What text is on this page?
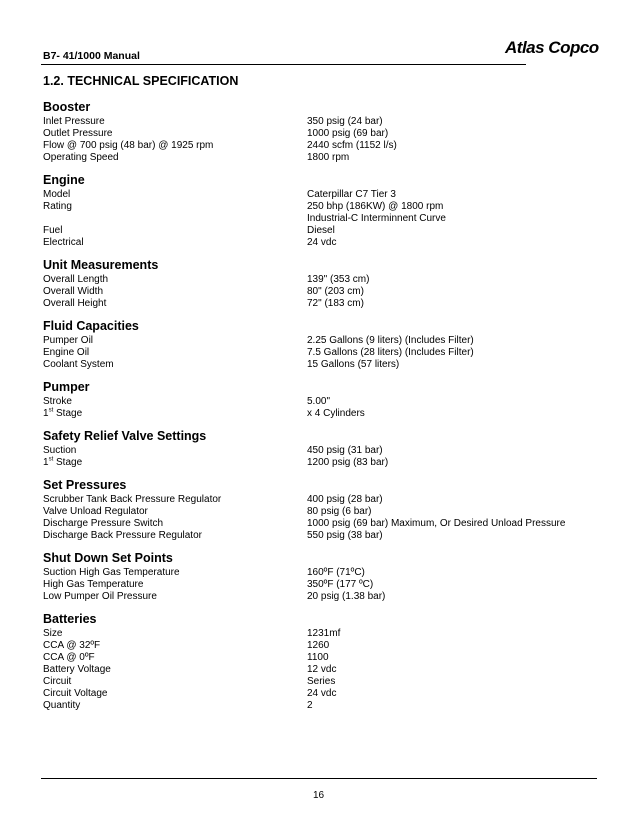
B7- 41/1000 Manual	Atlas Copco
1.2. TECHNICAL SPECIFICATION
Booster
Inlet Pressure	350 psig (24 bar)
Outlet Pressure	1000 psig (69 bar)
Flow @ 700 psig (48 bar) @ 1925 rpm	2440 scfm (1152 l/s)
Operating Speed	1800 rpm
Engine
Model	Caterpillar C7 Tier 3
Rating	250 bhp (186KW) @ 1800 rpm
Industrial-C Interminnent Curve
Fuel	Diesel
Electrical	24 vdc
Unit Measurements
Overall Length	139" (353 cm)
Overall Width	80" (203 cm)
Overall Height	72" (183 cm)
Fluid Capacities
Pumper Oil	2.25 Gallons (9 liters) (Includes Filter)
Engine Oil	7.5 Gallons (28 liters) (Includes Filter)
Coolant System	15 Gallons (57 liters)
Pumper
Stroke	5.00"
1st Stage	x 4 Cylinders
Safety Relief Valve Settings
Suction	450 psig (31 bar)
1st Stage	1200 psig (83 bar)
Set Pressures
Scrubber Tank Back Pressure Regulator	400 psig (28 bar)
Valve Unload Regulator	80 psig (6 bar)
Discharge Pressure Switch	1000 psig (69 bar) Maximum, Or Desired Unload Pressure
Discharge Back Pressure Regulator	550 psig (38 bar)
Shut Down Set Points
Suction High Gas Temperature	160ºF (71ºC)
High Gas Temperature	350ºF (177 ºC)
Low Pumper Oil Pressure	20 psig (1.38 bar)
Batteries
Size	1231mf
CCA @ 32ºF	1260
CCA @ 0ºF	1100
Battery Voltage	12 vdc
Circuit	Series
Circuit Voltage	24 vdc
Quantity	2
16
